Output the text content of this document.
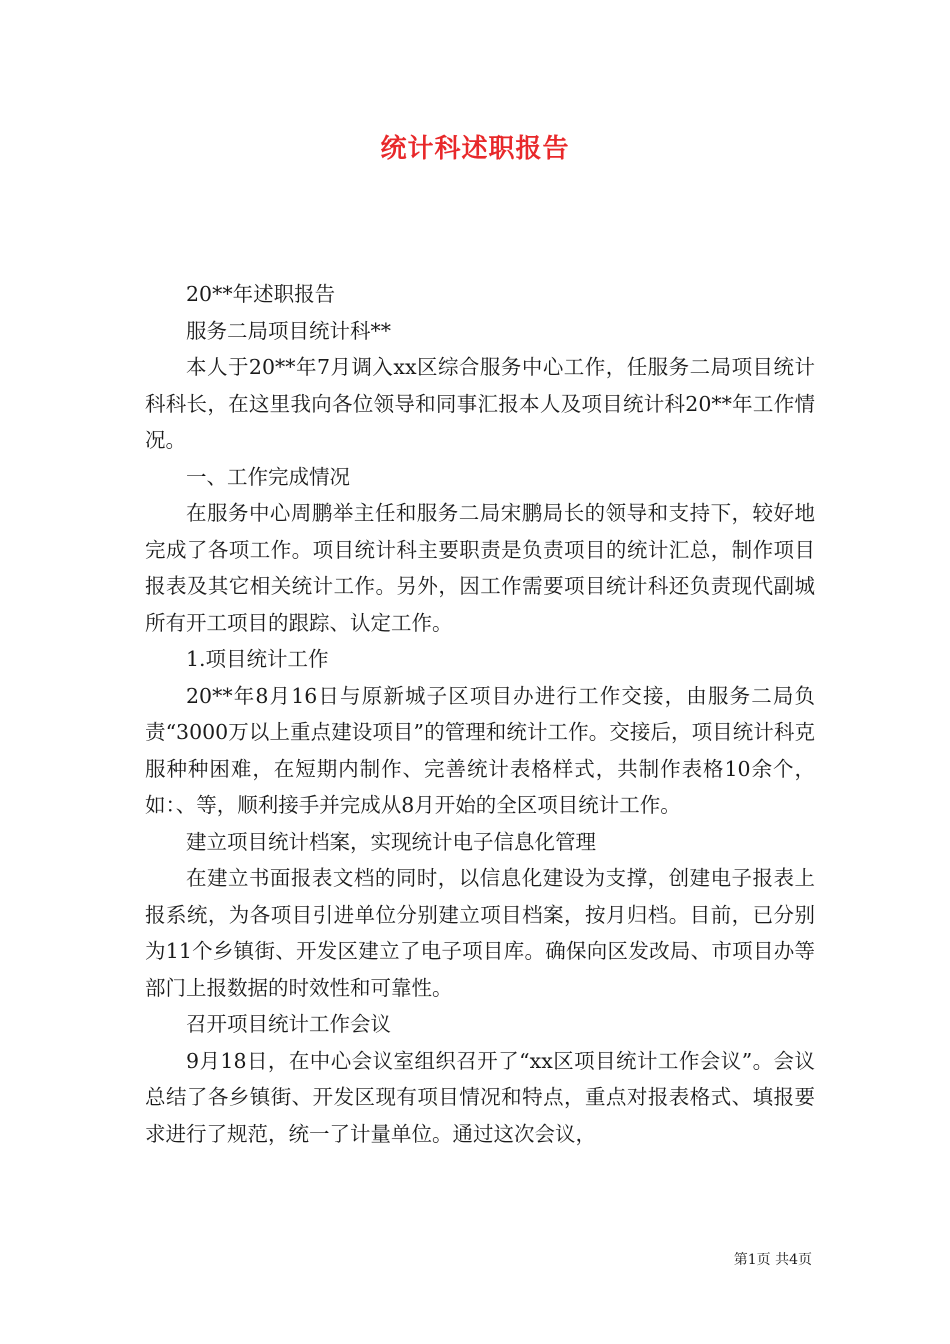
统计科述职报告

20**年述职报告

服务二局项目统计科**

本人于20**年7月调入xx区综合服务中心工作，任服务二局项目统计科科长，在这里我向各位领导和同事汇报本人及项目统计科20**年工作情况。

一、工作完成情况

在服务中心周鹏举主任和服务二局宋鹏局长的领导和支持下，较好地完成了各项工作。项目统计科主要职责是负责项目的统计汇总，制作项目报表及其它相关统计工作。另外，因工作需要项目统计科还负责现代副城所有开工项目的跟踪、认定工作。

1.项目统计工作

20**年8月16日与原新城子区项目办进行工作交接，由服务二局负责“3000万以上重点建设项目”的管理和统计工作。交接后，项目统计科克服种种困难，在短期内制作、完善统计表格样式，共制作表格10余个，如：、等，顺利接手并完成从8月开始的全区项目统计工作。

建立项目统计档案，实现统计电子信息化管理

在建立书面报表文档的同时，以信息化建设为支撑，创建电子报表上报系统，为各项目引进单位分别建立项目档案，按月归档。目前，已分别为11个乡镇街、开发区建立了电子项目库。确保向区发改局、市项目办等部门上报数据的时效性和可靠性。

召开项目统计工作会议

9月18日，在中心会议室组织召开了“xx区项目统计工作会议”。会议总结了各乡镇街、开发区现有项目情况和特点，重点对报表格式、填报要求进行了规范，统一了计量单位。通过这次会议，

第1页 共4页
